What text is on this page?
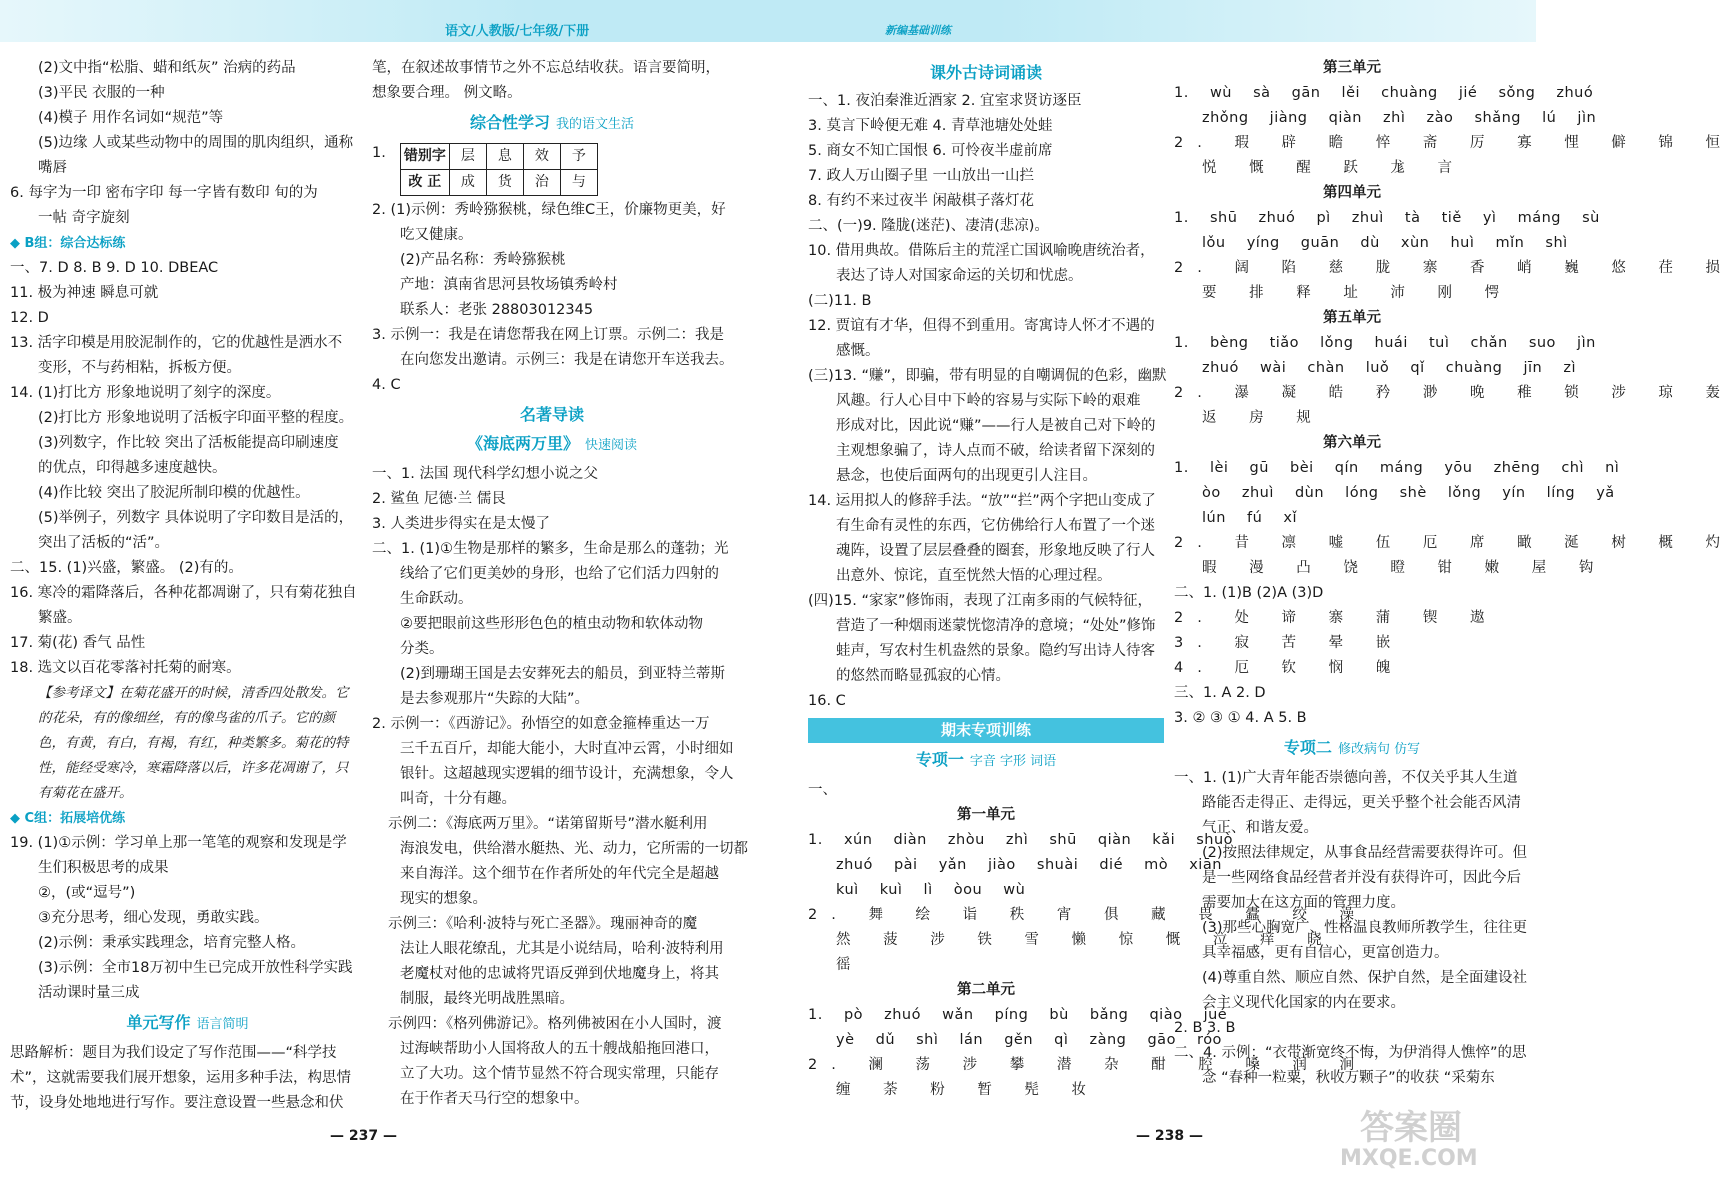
语文/人教版/七年级/下册	新编基础训练

(2)文中指“松脂、蜡和纸灰” 治病的药品

(3)平民 衣服的一种

(4)模子 用作名词如“规范”等

(5)边缘 人或某些动物中的周围的肌肉组织，通称

嘴唇

6. 每字为一印 密布字印 每一字皆有数印 旬的为

一帖 奇字旋刻

◆ B组：综合达标练

一、7. D 8. B 9. D 10. DBEAC

11. 极为神速 瞬息可就

12. D

13. 活字印模是用胶泥制作的，它的优越性是洒水不

变形，不与药相粘，拆板方便。

14. (1)打比方 形象地说明了刻字的深度。

(2)打比方 形象地说明了活板字印面平整的程度。

(3)列数字，作比较 突出了活板能提高印刷速度

的优点，印得越多速度越快。

(4)作比较 突出了胶泥所制印模的优越性。

(5)举例子，列数字 具体说明了字印数目是活的，

突出了活板的“活”。

二、15. (1)兴盛，繁盛。 (2)有的。

16. 寒冷的霜降落后，各种花都凋谢了，只有菊花独自

繁盛。

17. 菊(花) 香气 品性

18. 选文以百花零落衬托菊的耐寒。

【参考译文】在菊花盛开的时候，清香四处散发。它

的花朵，有的像细丝，有的像鸟雀的爪子。它的颜

色，有黄，有白，有褐，有红，种类繁多。菊花的特

性，能经受寒冷，寒霜降落以后，许多花凋谢了，只

有菊花在盛开。

◆ C组：拓展培优练

19. (1)①示例：学习单上那一笔笔的观察和发现是学

生们积极思考的成果

②，(或“逗号”)

③充分思考，细心发现，勇敢实践。

(2)示例：秉承实践理念，培育完整人格。

(3)示例：全市18万初中生已完成开放性科学实践

活动课时量三成

单元写作 语言简明

思路解析：题目为我们设定了写作范围——“科学技

术”，这就需要我们展开想象，运用多种手法，构思情

节，设身处地地进行写作。要注意设置一些悬念和伏

笔，在叙述故事情节之外不忘总结收获。语言要简明，

想象要合理。 例文略。

综合性学习 我的语文生活

1. 错别字	层	息	效	予
改 正	成	货	治	与

2. (1)示例：秀岭猕猴桃，绿色维C王，价廉物更美，好

吃又健康。

(2)产品名称：秀岭猕猴桃

产地：滇南省思河县牧场镇秀岭村

联系人：老张 28803012345

3. 示例一：我是在请您帮我在网上订票。示例二：我是

在向您发出邀请。示例三：我是在请您开车送我去。

4. C

名著导读

《海底两万里》 快速阅读

一、1. 法国 现代科学幻想小说之父

2. 鲨鱼 尼德·兰 儒艮

3. 人类进步得实在是太慢了

二、1. (1)①生物是那样的繁多，生命是那么的蓬勃；光

线给了它们更美妙的身形，也给了它们活力四射的

生命跃动。

②要把眼前这些形形色色的植虫动物和软体动物

分类。

(2)到珊瑚王国是去安葬死去的船员，到亚特兰蒂斯

是去参观那片“失踪的大陆”。

2. 示例一：《西游记》。孙悟空的如意金箍棒重达一万

三千五百斤，却能大能小，大时直冲云霄，小时细如

银针。这超越现实逻辑的细节设计，充满想象，令人

叫奇，十分有趣。

示例二：《海底两万里》。“诺第留斯号”潜水艇利用

海浪发电，供给潜水艇热、光、动力，它所需的一切都

来自海洋。这个细节在作者所处的年代完全是超越

现实的想象。

示例三：《哈利·波特与死亡圣器》。瑰丽神奇的魔

法让人眼花缭乱，尤其是小说结局，哈利·波特利用

老魔杖对他的忠诚将咒语反弹到伏地魔身上，将其

制服，最终光明战胜黑暗。

示例四：《格列佛游记》。格列佛被困在小人国时，渡

过海峡帮助小人国将敌人的五十艘战船拖回港口，

立了大功。这个情节显然不符合现实常理，只能存

在于作者天马行空的想象中。

课外古诗词诵读

一、1. 夜泊秦淮近酒家 2. 宜室求贤访逐臣

3. 莫言下岭便无难 4. 青草池塘处处蛙

5. 商女不知亡国恨 6. 可怜夜半虚前席

7. 政人万山圈子里 一山放出一山拦

8. 有约不来过夜半 闲敲棋子落灯花

二、(一)9. 隆胧(迷茫)、凄清(悲凉)。

10. 借用典故。借陈后主的荒淫亡国讽喻晚唐统治者，

表达了诗人对国家命运的关切和忧虑。

(二)11. B

12. 贾谊有才华，但得不到重用。寄寓诗人怀才不遇的

感慨。

(三)13. “赚”，即骗，带有明显的自嘲调侃的色彩，幽默

风趣。行人心目中下岭的容易与实际下岭的艰难

形成对比，因此说“赚”——行人是被自己对下岭的

主观想象骗了，诗人点而不破，给读者留下深刻的

悬念，也使后面两句的出现更引人注目。

14. 运用拟人的修辞手法。“放”“拦”两个字把山变成了

有生命有灵性的东西，它仿佛给行人布置了一个迷

魂阵，设置了层层叠叠的圈套，形象地反映了行人

出意外、惊诧，直至恍然大悟的心理过程。

(四)15. “家家”修饰雨，表现了江南多雨的气候特征，

营造了一种烟雨迷蒙恍惚清净的意境；“处处”修饰

蛙声，写农村生机盎然的景象。隐约写出诗人待客

的悠然而略显孤寂的心情。

16. C

期末专项训练

专项一 字音 字形 词语

一、

第一单元

1. xún diàn zhòu zhì shū qiàn kǎi shuò

zhuó pài yǎn jiào shuài dié mò xiān

kuì kuì lì òou wù

2. 舞 绘 诣 秩 宵 俱 藏 畏 蠹 绞 澡

然 菠 涉 铁 雪 懒 惊 慨 泣 痒 晓

徭

第二单元

1. pò zhuó wǎn píng bù bǎng qiào jué

yè dǔ shì lán gěn qì zàng gāo róo

2. 澜 荡 涉 攀 潜 杂 酣 腔 嗓 润 涧

缠 荼 粉 暂 髡 妆

第三单元

1. wù sà gān lěi chuàng jié sǒng zhuó

zhǒng jiàng qiàn zhì zào shǎng lú jìn

2. 瑕 辟 瞻 悴 斋 厉 寡 悝 僻 锦 恒

悦 慨 醒 跃 尨 言

第四单元

1. shū zhuó pì zhuì tà tiě yì máng sù

lǒu yíng guān dù xùn huì mǐn shì

2. 阔 陷 慈 胧 寨 香 峭 巍 悠 荏 损

要 排 释 址 沛 刚 愕

第五单元

1. bèng tiǎo lǒng huái tuì chǎn suo jìn

zhuó wài chàn luǒ qǐ chuàng jīn zì

2. 瀑 凝 皓 矜 渺 晚 稚 锁 涉 琼 轰

返 房 规

第六单元

1. lèi gū bèi qín máng yōu zhēng chì nì

òo zhuì dùn lóng shè lǒng yín líng yǎ

lún fú xǐ

2. 昔 凛 嘘 伍 厄 席 瞰 涎 树 概 灼

暇 漫 凸 饶 瞪 钳 嫩 屋 钩

二、1. (1)B (2)A (3)D

2. 处 谛 寨 蒲 锲 遨

3. 寂 苦 晕 嵌

4. 厄 钦 悯 魄

三、1. A 2. D

3. ② ③ ① 4. A 5. B

专项二 修改病句 仿写

一、1. (1)广大青年能否崇德向善，不仅关乎其人生道

路能否走得正、走得远，更关乎整个社会能否风清

气正、和谐友爱。

(2)按照法律规定，从事食品经营需要获得许可。但

是一些网络食品经营者并没有获得许可，因此今后

需要加大在这方面的管理力度。

(3)那些心胸宽广、性格温良教师所教学生，往往更

具幸福感，更有自信心，更富创造力。

(4)尊重自然、顺应自然、保护自然，是全面建设社

会主义现代化国家的内在要求。

2. B 3. B

二、4. 示例：“衣带渐宽终不悔，为伊消得人憔悴”的思

念 “春种一粒粟，秋收万颗子”的收获 “采菊东

— 237 —	— 238 —	答案圈
MXQE.COM
